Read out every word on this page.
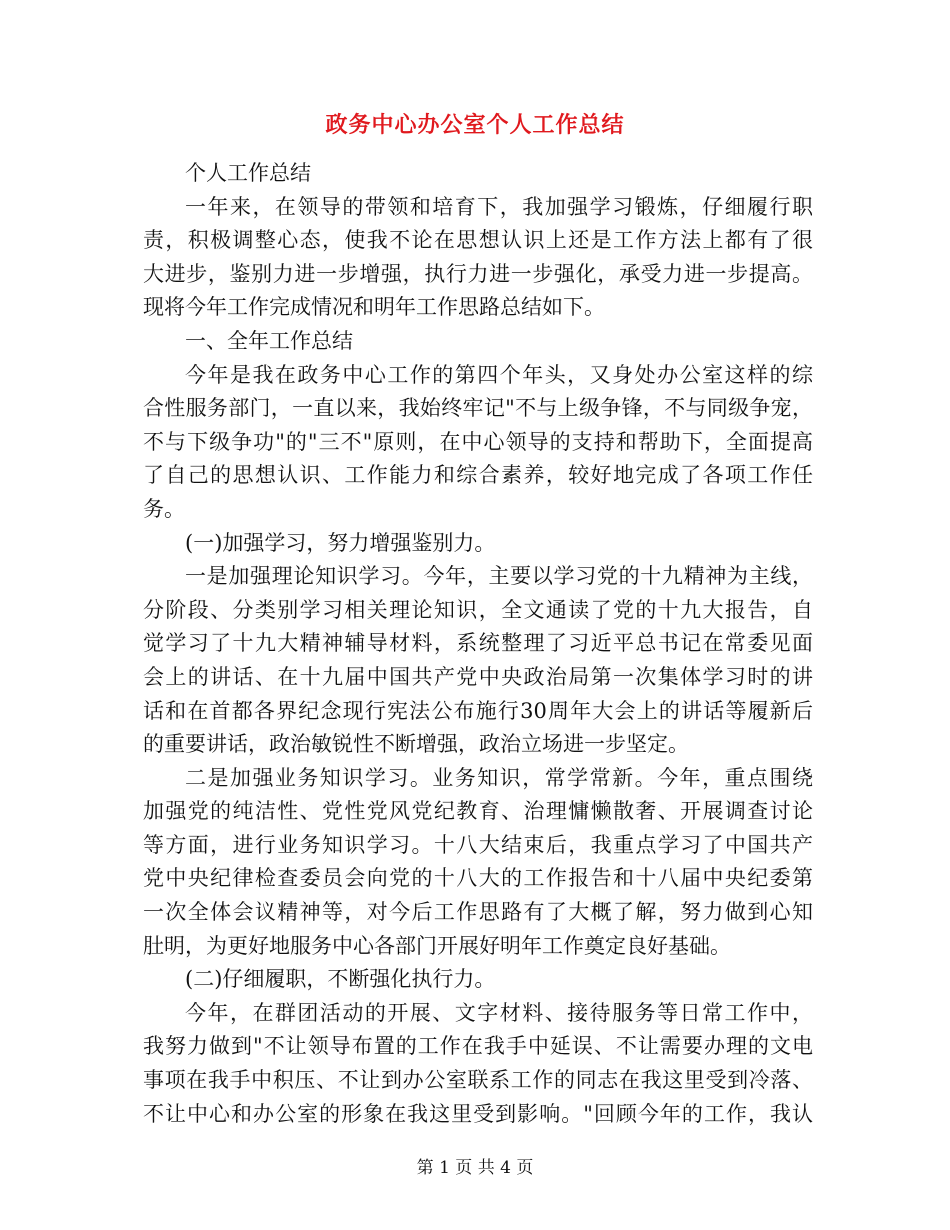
政务中心办公室个人工作总结
个人工作总结
一年来，在领导的带领和培育下，我加强学习锻炼，仔细履行职
责，积极调整心态，使我不论在思想认识上还是工作方法上都有了很
大进步，鉴别力进一步增强，执行力进一步强化，承受力进一步提高。
现将今年工作完成情况和明年工作思路总结如下。
一、全年工作总结
今年是我在政务中心工作的第四个年头，又身处办公室这样的综
合性服务部门，一直以来，我始终牢记"不与上级争锋，不与同级争宠，
不与下级争功"的"三不"原则，在中心领导的支持和帮助下，全面提高
了自己的思想认识、工作能力和综合素养，较好地完成了各项工作任
务。
(一)加强学习，努力增强鉴别力。
一是加强理论知识学习。今年，主要以学习党的十九精神为主线，
分阶段、分类别学习相关理论知识，全文通读了党的十九大报告，自
觉学习了十九大精神辅导材料，系统整理了习近平总书记在常委见面
会上的讲话、在十九届中国共产党中央政治局第一次集体学习时的讲
话和在首都各界纪念现行宪法公布施行30周年大会上的讲话等履新后
的重要讲话，政治敏锐性不断增强，政治立场进一步坚定。
二是加强业务知识学习。业务知识，常学常新。今年，重点围绕
加强党的纯洁性、党性党风党纪教育、治理慵懒散奢、开展调查讨论
等方面，进行业务知识学习。十八大结束后，我重点学习了中国共产
党中央纪律检查委员会向党的十八大的工作报告和十八届中央纪委第
一次全体会议精神等，对今后工作思路有了大概了解，努力做到心知
肚明，为更好地服务中心各部门开展好明年工作奠定良好基础。
(二)仔细履职，不断强化执行力。
今年，在群团活动的开展、文字材料、接待服务等日常工作中，
我努力做到"不让领导布置的工作在我手中延误、不让需要办理的文电
事项在我手中积压、不让到办公室联系工作的同志在我这里受到冷落、
不让中心和办公室的形象在我这里受到影响。"回顾今年的工作，我认
第 1 页 共 4 页
